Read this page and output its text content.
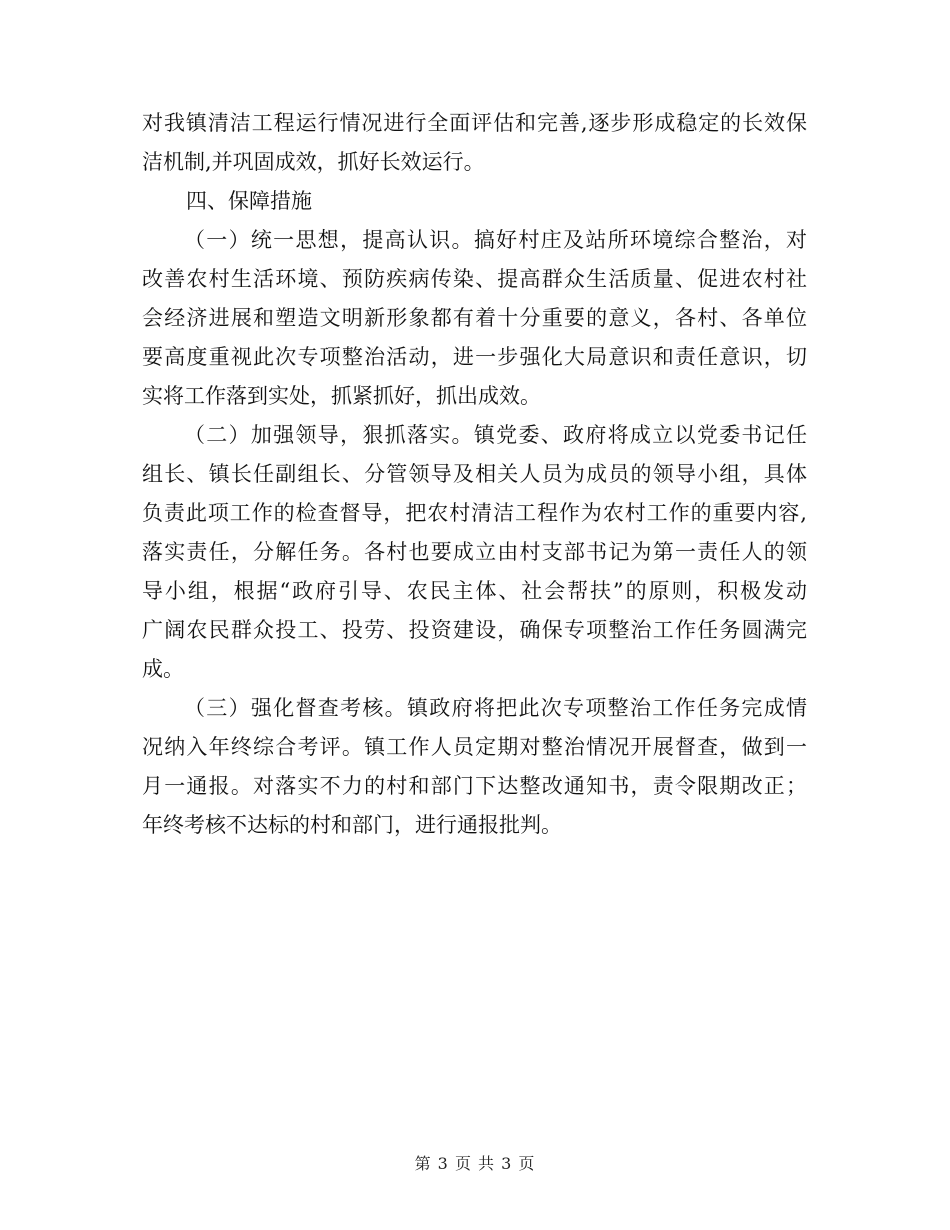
对我镇清洁工程运行情况进行全面评估和完善,逐步形成稳定的长效保
洁机制,并巩固成效，抓好长效运行。
四、保障措施
（一）统一思想，提高认识。搞好村庄及站所环境综合整治，对
改善农村生活环境、预防疾病传染、提高群众生活质量、促进农村社
会经济进展和塑造文明新形象都有着十分重要的意义，各村、各单位
要高度重视此次专项整治活动，进一步强化大局意识和责任意识，切
实将工作落到实处，抓紧抓好，抓出成效。
（二）加强领导，狠抓落实。镇党委、政府将成立以党委书记任
组长、镇长任副组长、分管领导及相关人员为成员的领导小组，具体
负责此项工作的检查督导，把农村清洁工程作为农村工作的重要内容,
落实责任，分解任务。各村也要成立由村支部书记为第一责任人的领
导小组，根据“政府引导、农民主体、社会帮扶”的原则，积极发动
广阔农民群众投工、投劳、投资建设，确保专项整治工作任务圆满完
成。
（三）强化督查考核。镇政府将把此次专项整治工作任务完成情
况纳入年终综合考评。镇工作人员定期对整治情况开展督查，做到一
月一通报。对落实不力的村和部门下达整改通知书，责令限期改正；
年终考核不达标的村和部门，进行通报批判。
第 3 页 共 3 页
